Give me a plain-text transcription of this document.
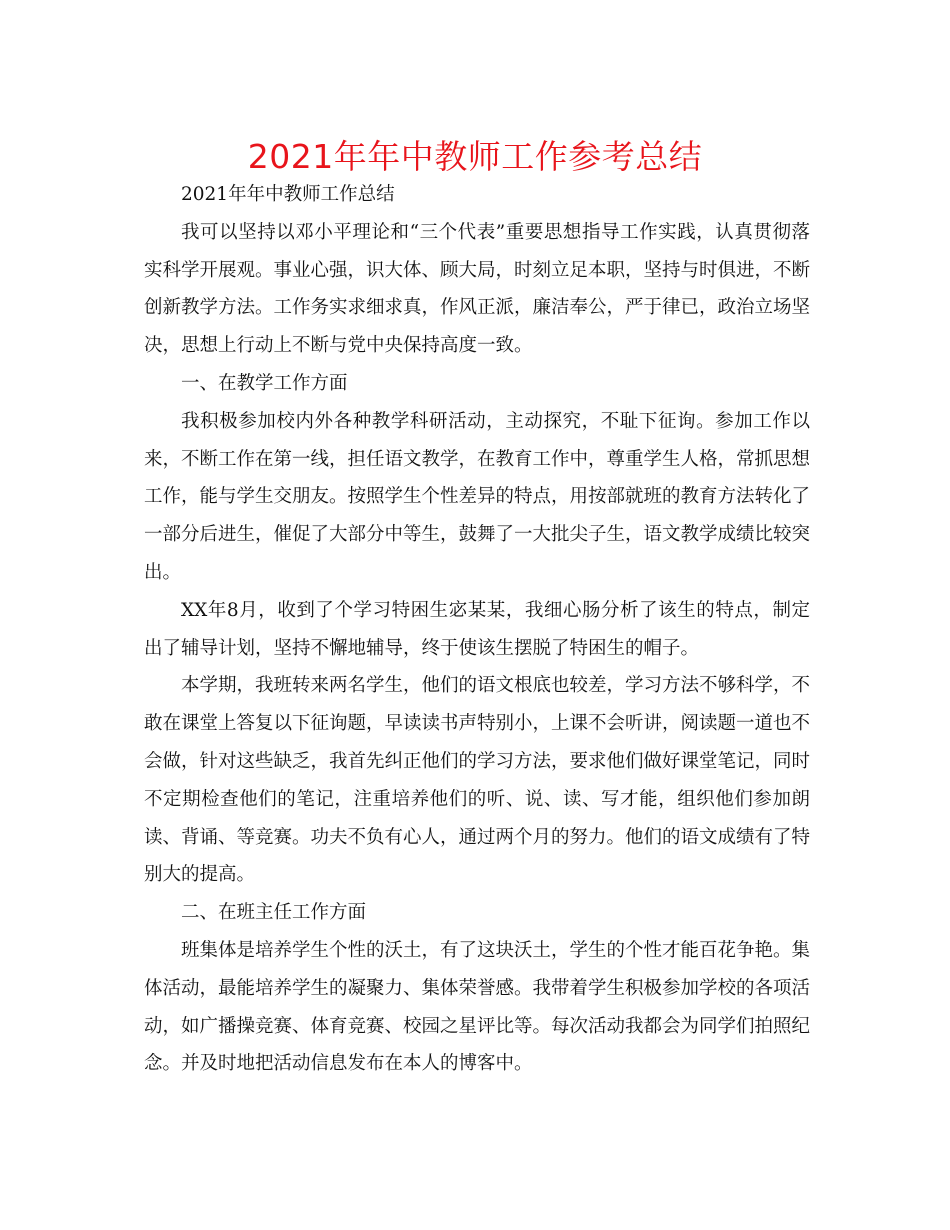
2021年年中教师工作参考总结

2021年年中教师工作总结

我可以坚持以邓小平理论和“三个代表”重要思想指导工作实践，认真贯彻落实科学开展观。事业心强，识大体、顾大局，时刻立足本职，坚持与时俱进，不断创新教学方法。工作务实求细求真，作风正派，廉洁奉公，严于律已，政治立场坚决，思想上行动上不断与党中央保持高度一致。

一、在教学工作方面

我积极参加校内外各种教学科研活动，主动探究，不耻下征询。参加工作以来，不断工作在第一线，担任语文教学，在教育工作中，尊重学生人格，常抓思想工作，能与学生交朋友。按照学生个性差异的特点，用按部就班的教育方法转化了一部分后进生，催促了大部分中等生，鼓舞了一大批尖子生，语文教学成绩比较突出。

XX年8月，收到了个学习特困生宓某某，我细心肠分析了该生的特点，制定出了辅导计划，坚持不懈地辅导，终于使该生摆脱了特困生的帽子。

本学期，我班转来两名学生，他们的语文根底也较差，学习方法不够科学，不敢在课堂上答复以下征询题，早读读书声特别小，上课不会听讲，阅读题一道也不会做，针对这些缺乏，我首先纠正他们的学习方法，要求他们做好课堂笔记，同时不定期检查他们的笔记，注重培养他们的听、说、读、写才能，组织他们参加朗读、背诵、等竞赛。功夫不负有心人，通过两个月的努力。他们的语文成绩有了特别大的提高。

二、在班主任工作方面

班集体是培养学生个性的沃土，有了这块沃土，学生的个性才能百花争艳。集体活动，最能培养学生的凝聚力、集体荣誉感。我带着学生积极参加学校的各项活动，如广播操竞赛、体育竞赛、校园之星评比等。每次活动我都会为同学们拍照纪念。并及时地把活动信息发布在本人的博客中。
